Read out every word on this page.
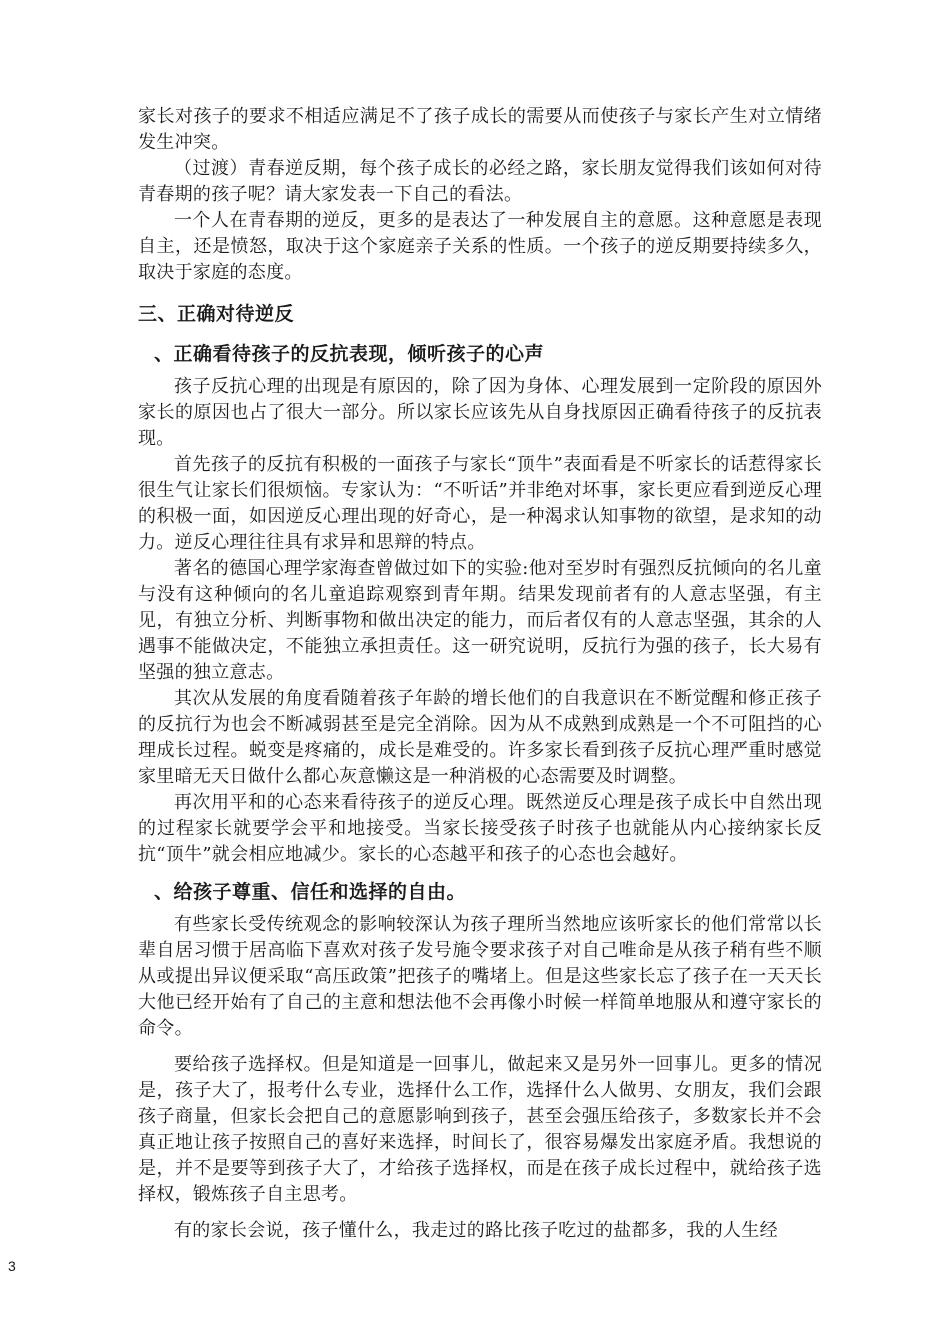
家长对孩子的要求不相适应满足不了孩子成长的需要从而使孩子与家长产生对立情绪发生冲突。

（过渡）青春逆反期，每个孩子成长的必经之路，家长朋友觉得我们该如何对待青春期的孩子呢？请大家发表一下自己的看法。

一个人在青春期的逆反，更多的是表达了一种发展自主的意愿。这种意愿是表现自主，还是愤怒，取决于这个家庭亲子关系的性质。一个孩子的逆反期要持续多久，取决于家庭的态度。

三、正确对待逆反
、正确看待孩子的反抗表现，倾听孩子的心声

孩子反抗心理的出现是有原因的，除了因为身体、心理发展到一定阶段的原因外家长的原因也占了很大一部分。所以家长应该先从自身找原因正确看待孩子的反抗表现。

首先孩子的反抗有积极的一面孩子与家长“顶牛”表面看是不听家长的话惹得家长很生气让家长们很烦恼。专家认为：“不听话”并非绝对坏事，家长更应看到逆反心理的积极一面，如因逆反心理出现的好奇心，是一种渴求认知事物的欲望，是求知的动力。逆反心理往往具有求异和思辩的特点。

著名的德国心理学家海查曾做过如下的实验:他对至岁时有强烈反抗倾向的名儿童与没有这种倾向的名儿童追踪观察到青年期。结果发现前者有的人意志坚强，有主见，有独立分析、判断事物和做出决定的能力，而后者仅有的人意志坚强，其余的人遇事不能做决定，不能独立承担责任。这一研究说明，反抗行为强的孩子，长大易有坚强的独立意志。

其次从发展的角度看随着孩子年龄的增长他们的自我意识在不断觉醒和修正孩子的反抗行为也会不断减弱甚至是完全消除。因为从不成熟到成熟是一个不可阻挡的心理成长过程。蜕变是疼痛的，成长是难受的。许多家长看到孩子反抗心理严重时感觉家里暗无天日做什么都心灰意懒这是一种消极的心态需要及时调整。

再次用平和的心态来看待孩子的逆反心理。既然逆反心理是孩子成长中自然出现的过程家长就要学会平和地接受。当家长接受孩子时孩子也就能从内心接纳家长反抗“顶牛”就会相应地减少。家长的心态越平和孩子的心态也会越好。

、给孩子尊重、信任和选择的自由。

有些家长受传统观念的影响较深认为孩子理所当然地应该听家长的他们常常以长辈自居习惯于居高临下喜欢对孩子发号施令要求孩子对自己唯命是从孩子稍有些不顺从或提出异议便采取“高压政策”把孩子的嘴堵上。但是这些家长忘了孩子在一天天长大他已经开始有了自己的主意和想法他不会再像小时候一样简单地服从和遵守家长的命令。

要给孩子选择权。但是知道是一回事儿，做起来又是另外一回事儿。更多的情况是，孩子大了，报考什么专业，选择什么工作，选择什么人做男、女朋友，我们会跟孩子商量，但家长会把自己的意愿影响到孩子，甚至会强压给孩子，多数家长并不会真正地让孩子按照自己的喜好来选择，时间长了，很容易爆发出家庭矛盾。我想说的是，并不是要等到孩子大了，才给孩子选择权，而是在孩子成长过程中，就给孩子选择权，锻炼孩子自主思考。

有的家长会说，孩子懂什么，我走过的路比孩子吃过的盐都多，我的人生经

3
